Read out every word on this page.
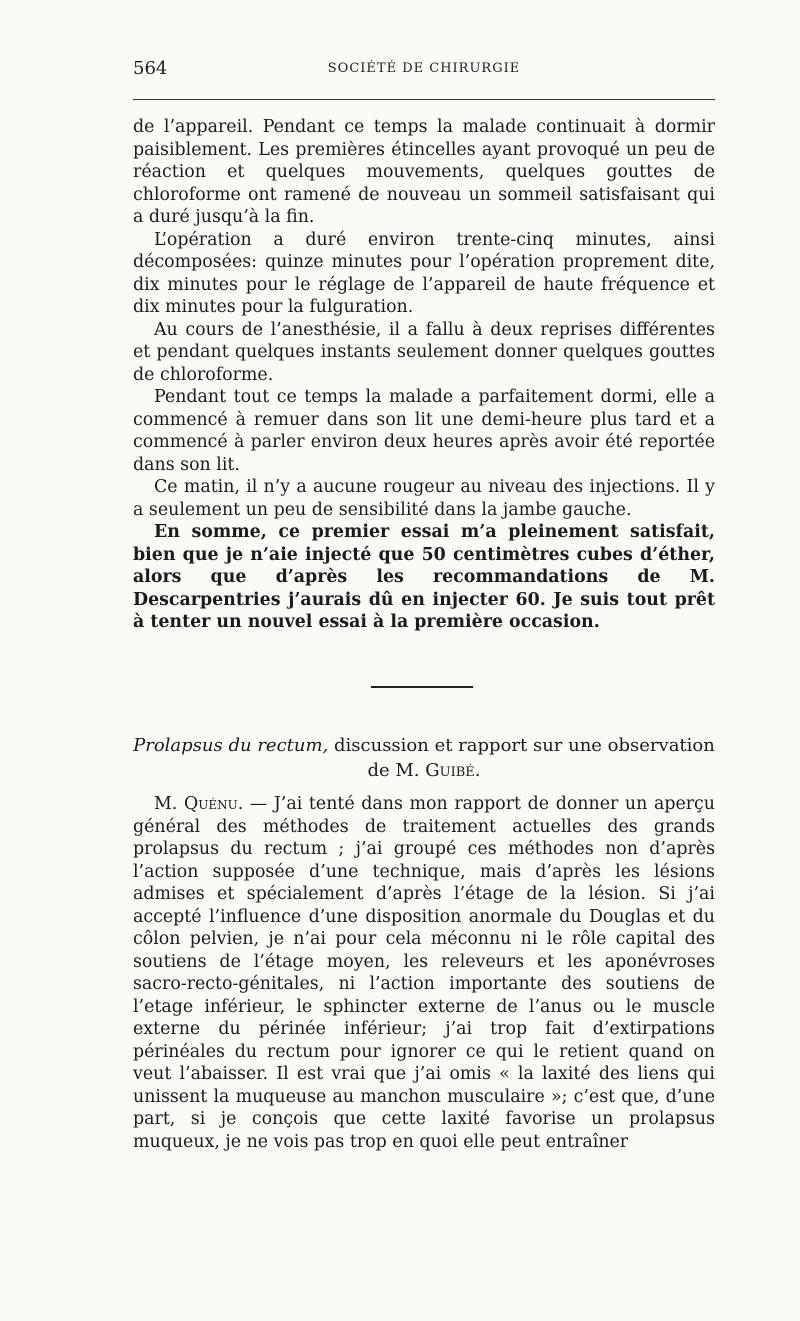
564	SOCIÉTÉ DE CHIRURGIE

de l’appareil. Pendant ce temps la malade continuait à dormir paisiblement. Les premières étincelles ayant provoqué un peu de réaction et quelques mouvements, quelques gouttes de chloroforme ont ramené de nouveau un sommeil satisfaisant qui a duré jusqu’à la fin.

L’opération a duré environ trente-cinq minutes, ainsi décomposées: quinze minutes pour l’opération proprement dite, dix minutes pour le réglage de l’appareil de haute fréquence et dix minutes pour la fulguration.

Au cours de l’anesthésie, il a fallu à deux reprises différentes et pendant quelques instants seulement donner quelques gouttes de chloroforme.

Pendant tout ce temps la malade a parfaitement dormi, elle a commencé à remuer dans son lit une demi-heure plus tard et a commencé à parler environ deux heures après avoir été reportée dans son lit.

Ce matin, il n’y a aucune rougeur au niveau des injections. Il y a seulement un peu de sensibilité dans la jambe gauche.

En somme, ce premier essai m’a pleinement satisfait, bien que je n’aie injecté que 50 centimètres cubes d’éther, alors que d’après les recommandations de M. Descarpentries j’aurais dû en injecter 60. Je suis tout prêt à tenter un nouvel essai à la première occasion.

Prolapsus du rectum, discussion et rapport sur une observation
de M. Guibé.

M. Quénu. — J’ai tenté dans mon rapport de donner un aperçu général des méthodes de traitement actuelles des grands prolapsus du rectum ; j’ai groupé ces méthodes non d’après l’action supposée d’une technique, mais d’après les lésions admises et spécialement d’après l’étage de la lésion. Si j’ai accepté l’influence d’une disposition anormale du Douglas et du côlon pelvien, je n’ai pour cela méconnu ni le rôle capital des soutiens de l’étage moyen, les releveurs et les aponévroses sacro-recto-génitales, ni l’action importante des soutiens de l’etage inférieur, le sphincter externe de l’anus ou le muscle externe du périnée inférieur; j’ai trop fait d’extirpations périnéales du rectum pour ignorer ce qui le retient quand on veut l’abaisser. Il est vrai que j’ai omis « la laxité des liens qui unissent la muqueuse au manchon musculaire »; c’est que, d’une part, si je conçois que cette laxité favorise un prolapsus muqueux, je ne vois pas trop en quoi elle peut entraîner
